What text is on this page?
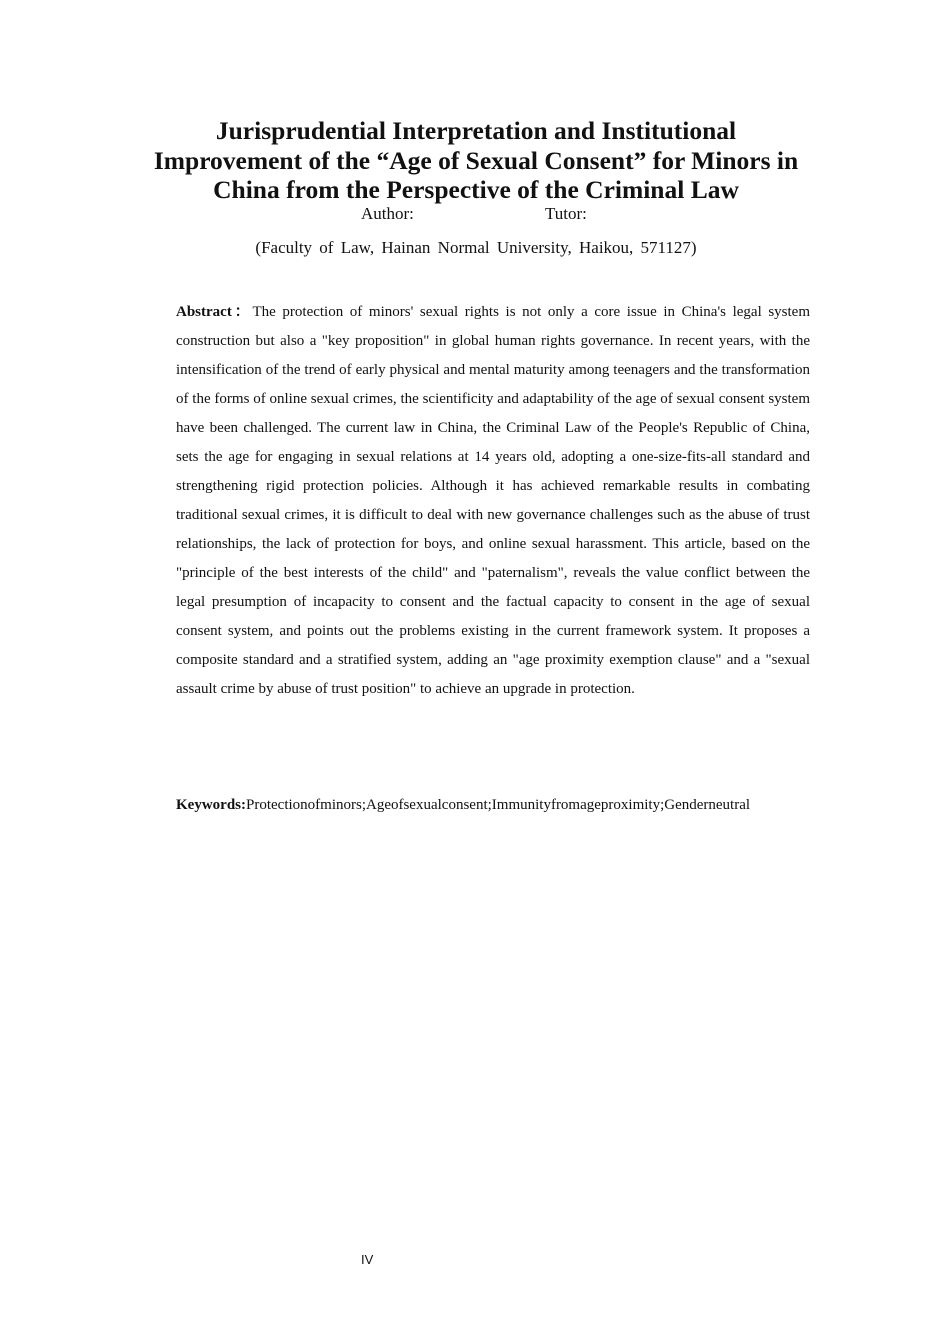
Jurisprudential Interpretation and Institutional
Improvement of the “Age of Sexual Consent” for Minors in
China from the Perspective of the Criminal Law
Author:	Tutor:
(Faculty of Law, Hainan Normal University, Haikou, 571127)

Abstract：The protection of minors' sexual rights is not only a core issue in China's legal system construction but also a "key proposition" in global human rights governance. In recent years, with the intensification of the trend of early physical and mental maturity among teenagers and the transformation of the forms of online sexual crimes, the scientificity and adaptability of the age of sexual consent system have been challenged. The current law in China, the Criminal Law of the People's Republic of China, sets the age for engaging in sexual relations at 14 years old, adopting a one-size-fits-all standard and strengthening rigid protection policies. Although it has achieved remarkable results in combating traditional sexual crimes, it is difficult to deal with new governance challenges such as the abuse of trust relationships, the lack of protection for boys, and online sexual harassment. This article, based on the "principle of the best interests of the child" and "paternalism", reveals the value conflict between the legal presumption of incapacity to consent and the factual capacity to consent in the age of sexual consent system, and points out the problems existing in the current framework system. It proposes a composite standard and a stratified system, adding an "age proximity exemption clause" and a "sexual assault crime by abuse of trust position" to achieve an upgrade in protection.

Keywords:Protectionofminors;Ageofsexualconsent;Immunityfromageproximity;Genderneutral

IV
